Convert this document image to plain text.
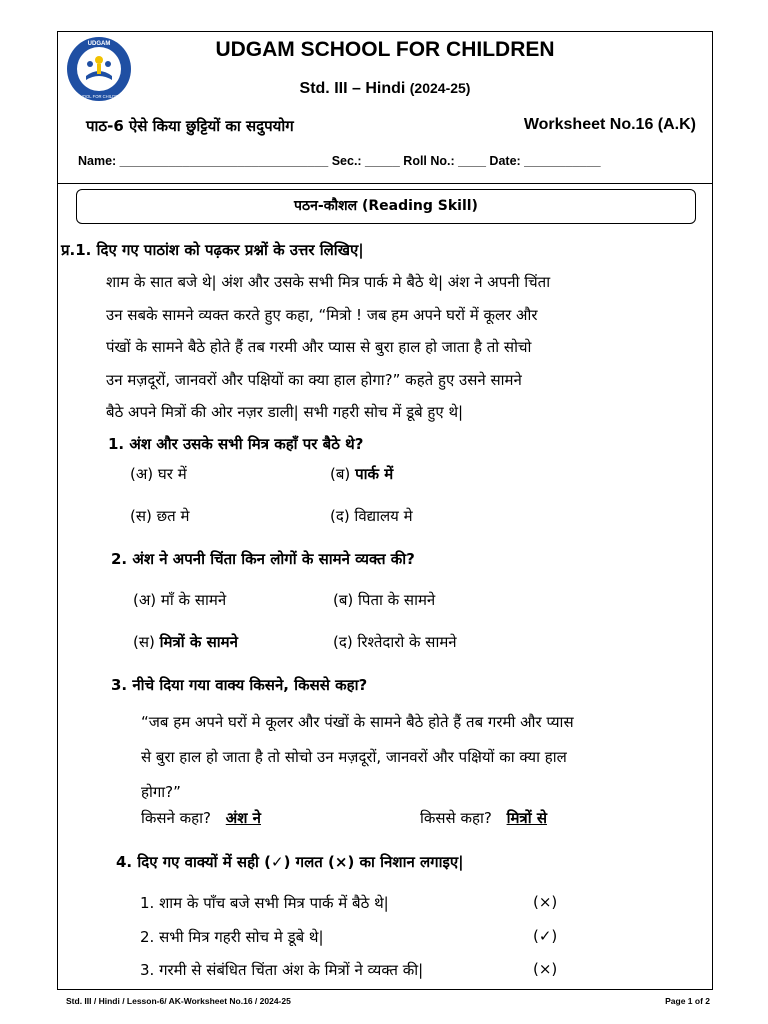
UDGAM
SCHOOL FOR CHILDREN
UDGAM SCHOOL FOR CHILDREN
Std. III – Hindi (2024-25)
पाठ-6 ऐसे किया छुट्टियों का सदुपयोग	Worksheet No.16 (A.K)
Name: ______________________________ Sec.: _____ Roll No.: ____ Date: ___________
पठन-कौशल (Reading Skill)
प्र.1. दिए गए पाठांश को पढ़कर प्रश्नों के उत्तर लिखिए|
शाम के सात बजे थे| अंश और उसके सभी मित्र पार्क मे बैठे थे| अंश ने अपनी चिंता
उन सबके सामने व्यक्त करते हुए कहा, “मित्रो ! जब हम अपने घरों में कूलर और
पंखों के सामने बैठे होते हैं तब गरमी और प्यास से बुरा हाल हो जाता है तो सोचो
उन मज़दूरों, जानवरों और पक्षियों का क्या हाल होगा?” कहते हुए उसने सामने
बैठे अपने मित्रों की ओर नज़र डाली| सभी गहरी सोच में डूबे हुए थे|
1. अंश और उसके सभी मित्र कहाँ पर बैठे थे?
(अ) घर में	(ब) पार्क में
(स) छत मे	(द) विद्यालय मे
2. अंश ने अपनी चिंता किन लोगों के सामने व्यक्त की?
(अ) माँ के सामने	(ब) पिता के सामने
(स) मित्रों के सामने	(द) रिश्तेदारो के सामने
3. नीचे दिया गया वाक्य किसने, किससे कहा?
“जब हम अपने घरों मे कूलर और पंखों के सामने बैठे होते हैं तब गरमी और प्यास
से बुरा हाल हो जाता है तो सोचो उन मज़दूरों, जानवरों और पक्षियों का क्या हाल
होगा?”
किसने कहा? अंश ने	किससे कहा? मित्रों से
4. दिए गए वाक्यों में सही (✓) गलत (×) का निशान लगाइए|
1. शाम के पाँच बजे सभी मित्र पार्क में बैठे थे|	(×)
2. सभी मित्र गहरी सोच मे डूबे थे|	(✓)
3. गरमी से संबंधित चिंता अंश के मित्रों ने व्यक्त की|	(×)
Std. III / Hindi / Lesson-6/ AK-Worksheet No.16 / 2024-25	Page 1 of 2
